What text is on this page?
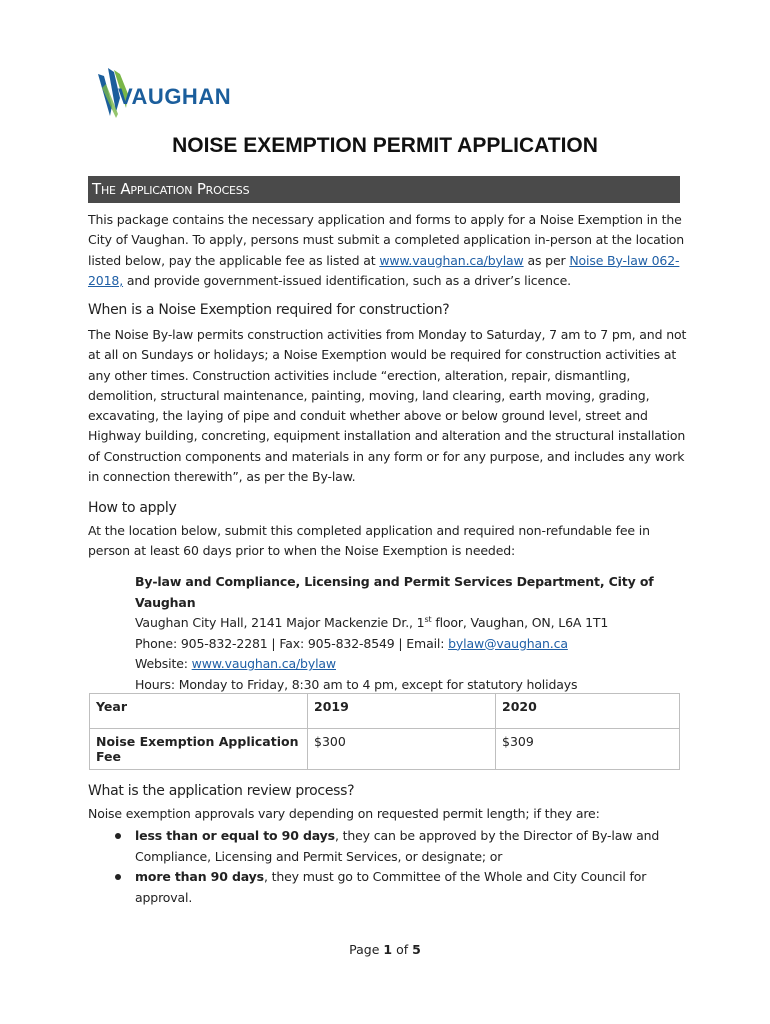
VAUGHAN
NOISE EXEMPTION PERMIT APPLICATION
The Application Process
This package contains the necessary application and forms to apply for a Noise Exemption in the City of Vaughan. To apply, persons must submit a completed application in-person at the location listed below, pay the applicable fee as listed at www.vaughan.ca/bylaw as per Noise By-law 062-2018, and provide government-issued identification, such as a driver’s licence.
When is a Noise Exemption required for construction?
The Noise By-law permits construction activities from Monday to Saturday, 7 am to 7 pm, and not at all on Sundays or holidays; a Noise Exemption would be required for construction activities at any other times. Construction activities include “erection, alteration, repair, dismantling, demolition, structural maintenance, painting, moving, land clearing, earth moving, grading, excavating, the laying of pipe and conduit whether above or below ground level, street and Highway building, concreting, equipment installation and alteration and the structural installation of Construction components and materials in any form or for any purpose, and includes any work in connection therewith”, as per the By-law.
How to apply
At the location below, submit this completed application and required non-refundable fee in person at least 60 days prior to when the Noise Exemption is needed:
By-law and Compliance, Licensing and Permit Services Department, City of Vaughan
Vaughan City Hall, 2141 Major Mackenzie Dr., 1st floor, Vaughan, ON, L6A 1T1
Phone: 905-832-2281 | Fax: 905-832-8549 | Email: bylaw@vaughan.ca
Website: www.vaughan.ca/bylaw
Hours: Monday to Friday, 8:30 am to 4 pm, except for statutory holidays
Year	2019	2020
Noise Exemption Application Fee	$300	$309
What is the application review process?
Noise exemption approvals vary depending on requested permit length; if they are:
less than or equal to 90 days, they can be approved by the Director of By-law and Compliance, Licensing and Permit Services, or designate; or
more than 90 days, they must go to Committee of the Whole and City Council for approval.
Page 1 of 5
